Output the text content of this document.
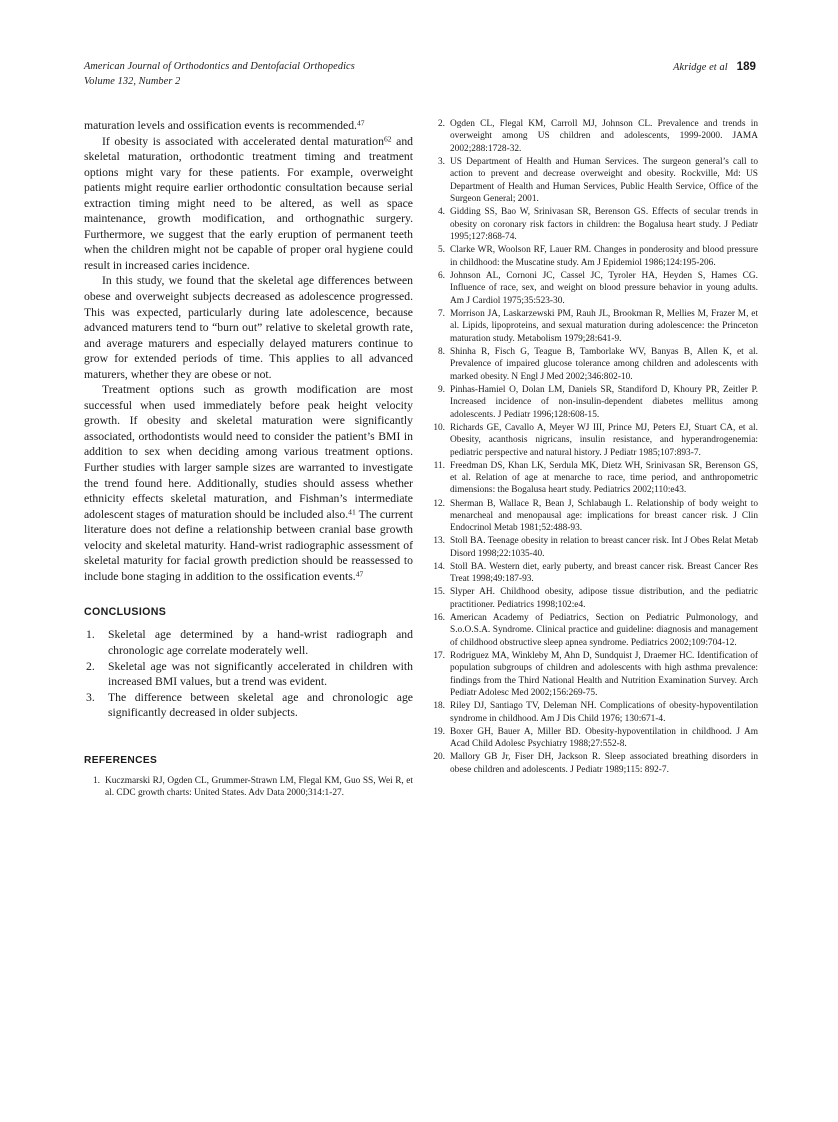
American Journal of Orthodontics and Dentofacial Orthopedics
Volume 132, Number 2
Akridge et al 189

maturation levels and ossification events is recommended.$^{47}$

If obesity is associated with accelerated dental maturation$^{62}$ and skeletal maturation, orthodontic treatment timing and treatment options might vary for these patients. For example, overweight patients might require earlier orthodontic consultation because serial extraction timing might need to be altered, as well as space maintenance, growth modification, and orthognathic surgery. Furthermore, we suggest that the early eruption of permanent teeth when the children might not be capable of proper oral hygiene could result in increased caries incidence.

In this study, we found that the skeletal age differences between obese and overweight subjects decreased as adolescence progressed. This was expected, particularly during late adolescence, because advanced maturers tend to “burn out” relative to skeletal growth rate, and average maturers and especially delayed maturers continue to grow for extended periods of time. This applies to all advanced maturers, whether they are obese or not.

Treatment options such as growth modification are most successful when used immediately before peak height velocity growth. If obesity and skeletal maturation were significantly associated, orthodontists would need to consider the patient’s BMI in addition to sex when deciding among various treatment options. Further studies with larger sample sizes are warranted to investigate the trend found here. Additionally, studies should assess whether ethnicity effects skeletal maturation, and Fishman’s intermediate adolescent stages of maturation should be included also.$^{41}$ The current literature does not define a relationship between cranial base growth velocity and skeletal maturity. Hand-wrist radiographic assessment of skeletal maturity for facial growth prediction should be reassessed to include bone staging in addition to the ossification events.$^{47}$

CONCLUSIONS
1.	Skeletal age determined by a hand-wrist radiograph and chronologic age correlate moderately well.
2.	Skeletal age was not significantly accelerated in children with increased BMI values, but a trend was evident.
3.	The difference between skeletal age and chronologic age significantly decreased in older subjects.
REFERENCES
1. Kuczmarski RJ, Ogden CL, Grummer-Strawn LM, Flegal KM, Guo SS, Wei R, et al. CDC growth charts: United States. Adv Data 2000;314:1-27.
2. Ogden CL, Flegal KM, Carroll MJ, Johnson CL. Prevalence and trends in overweight among US children and adolescents, 1999-2000. JAMA 2002;288:1728-32.
3. US Department of Health and Human Services. The surgeon general’s call to action to prevent and decrease overweight and obesity. Rockville, Md: US Department of Health and Human Services, Public Health Service, Office of the Surgeon General; 2001.
4. Gidding SS, Bao W, Srinivasan SR, Berenson GS. Effects of secular trends in obesity on coronary risk factors in children: the Bogalusa heart study. J Pediatr 1995;127:868-74.
5. Clarke WR, Woolson RF, Lauer RM. Changes in ponderosity and blood pressure in childhood: the Muscatine study. Am J Epidemiol 1986;124:195-206.
6. Johnson AL, Cornoni JC, Cassel JC, Tyroler HA, Heyden S, Hames CG. Influence of race, sex, and weight on blood pressure behavior in young adults. Am J Cardiol 1975;35:523-30.
7. Morrison JA, Laskarzewski PM, Rauh JL, Brookman R, Mellies M, Frazer M, et al. Lipids, lipoproteins, and sexual maturation during adolescence: the Princeton maturation study. Metabolism 1979;28:641-9.
8. Shinha R, Fisch G, Teague B, Tamborlake WV, Banyas B, Allen K, et al. Prevalence of impaired glucose tolerance among children and adolescents with marked obesity. N Engl J Med 2002;346:802-10.
9. Pinhas-Hamiel O, Dolan LM, Daniels SR, Standiford D, Khoury PR, Zeitler P. Increased incidence of non-insulin-dependent diabetes mellitus among adolescents. J Pediatr 1996;128:608-15.
10. Richards GE, Cavallo A, Meyer WJ III, Prince MJ, Peters EJ, Stuart CA, et al. Obesity, acanthosis nigricans, insulin resistance, and hyperandrogenemia: pediatric perspective and natural history. J Pediatr 1985;107:893-7.
11. Freedman DS, Khan LK, Serdula MK, Dietz WH, Srinivasan SR, Berenson GS, et al. Relation of age at menarche to race, time period, and anthropometric dimensions: the Bogalusa heart study. Pediatrics 2002;110:e43.
12. Sherman B, Wallace R, Bean J, Schlabaugh L. Relationship of body weight to menarcheal and menopausal age: implications for breast cancer risk. J Clin Endocrinol Metab 1981;52:488-93.
13. Stoll BA. Teenage obesity in relation to breast cancer risk. Int J Obes Relat Metab Disord 1998;22:1035-40.
14. Stoll BA. Western diet, early puberty, and breast cancer risk. Breast Cancer Res Treat 1998;49:187-93.
15. Slyper AH. Childhood obesity, adipose tissue distribution, and the pediatric practitioner. Pediatrics 1998;102:e4.
16. American Academy of Pediatrics, Section on Pediatric Pulmonology, and S.o.O.S.A. Syndrome. Clinical practice and guideline: diagnosis and management of childhood obstructive sleep apnea syndrome. Pediatrics 2002;109:704-12.
17. Rodriguez MA, Winkleby M, Ahn D, Sundquist J, Draemer HC. Identification of population subgroups of children and adolescents with high asthma prevalence: findings from the Third National Health and Nutrition Examination Survey. Arch Pediatr Adolesc Med 2002;156:269-75.
18. Riley DJ, Santiago TV, Deleman NH. Complications of obesity-hypoventilation syndrome in childhood. Am J Dis Child 1976; 130:671-4.
19. Boxer GH, Bauer A, Miller BD. Obesity-hypoventilation in childhood. J Am Acad Child Adolesc Psychiatry 1988;27:552-8.
20. Mallory GB Jr, Fiser DH, Jackson R. Sleep associated breathing disorders in obese children and adolescents. J Pediatr 1989;115: 892-7.
